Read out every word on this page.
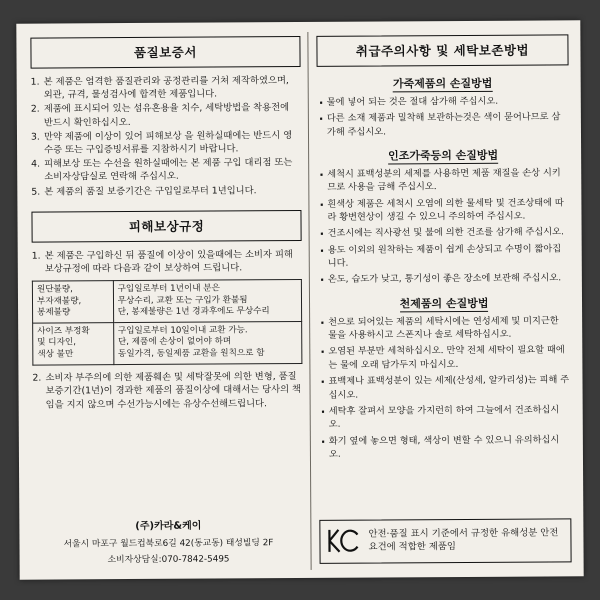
품질보증서
1. 본 제품은 엄격한 품질관리와 공정관리를 거쳐 제작하였으며, 외관, 규격, 물성검사에 합격한 제품입니다.
2. 제품에 표시되어 있는 섬유혼용율 치수, 세탁방법을 착용전에 반드시 확인하십시오.
3. 만약 제품에 이상이 있어 피해보상 을 원하실때에는 반드시 영수증 또는 구입증빙서류를 지참하시기 바랍니다.
4. 피해보상 또는 수선을 원하실때에는 본 제품 구입 대리점 또는 소비자상담실로 연락해 주십시오.
5. 본 제품의 품질 보증기간은 구입일로부터 1년입니다.
피해보상규정
1. 본 제품은 구입하신 뒤 품질에 이상이 있을때에는 소비자 피해보상규정에 따라 다음과 같이 보상하여 드립니다.
원단불량,
부자재불량,
봉제불량	구입일로부터 1년이내 분은
무상수리, 교환 또는 구입가 환불됨
단, 봉제불량은 1년 경과후에도 무상수리
사이즈 부정확
및 디자인,
색상 불만	구입일로부터 10일이내 교환 가능.
단, 제품에 손상이 없어야 하며
동일가격, 동일제품 교환을 원칙으로 함
2. 소비자 부주의에 의한 제품훼손 및 세탁잘못에 의한 변형, 품질보증기간(1년)이 경과한 제품의 품질이상에 대해서는 당사의 책임을 지지 않으며 수선가능시에는 유상수선해드립니다.
(주)카라&케이
서울시 마포구 월드컵북로6길 42(동교동) 태성빌딩 2F
소비자상담실:070-7842-5495
취급주의사항 및 세탁보존방법
가죽제품의 손질방법
· 물에 넣어 되는 것은 절대 삼가해 주십시오.
· 다른 소재 제품과 밀착해 보관하는것은 색이 묻어나므로 삼가해 주십시오.
인조가죽등의 손질방법
· 세척시 표백성분의 세제를 사용하면 제품 재질을 손상 시키므로 사용을 금해 주십시오.
· 흰색상 제품은 세척시 오염에 의한 물세탁 및 건조상태에 따라 황변현상이 생길 수 있으니 주의하여 주십시오.
· 건조시에는 직사광선 및 불에 의한 건조를 삼가해 주십시오.
· 용도 이외의 원착하는 제품이 쉽게 손상되고 수명이 짧아집니다.
· 온도, 습도가 낮고, 통기성이 좋은 장소에 보관해 주십시오.
천제품의 손질방법
· 천으로 되어있는 제품의 세탁시에는 연성세제 및 미지근한 물을 사용하시고 스폰지나 솔로 세탁하십시오.
· 오염된 부분만 세척하십시오. 만약 전체 세탁이 필요할 때에는 물에 오래 담가두지 마십시오.
· 표백제나 표백성분이 있는 세제(산성세, 알카리성)는 피해 주십시오.
· 세탁후 잘펴서 모양을 가지런히 하여 그늘에서 건조하십시오.
· 화기 옆에 놓으면 형태, 색상이 변할 수 있으니 유의하십시오.
안전·품질 표시 기준에서 규정한 유해성분 안전요건에 적합한 제품임
